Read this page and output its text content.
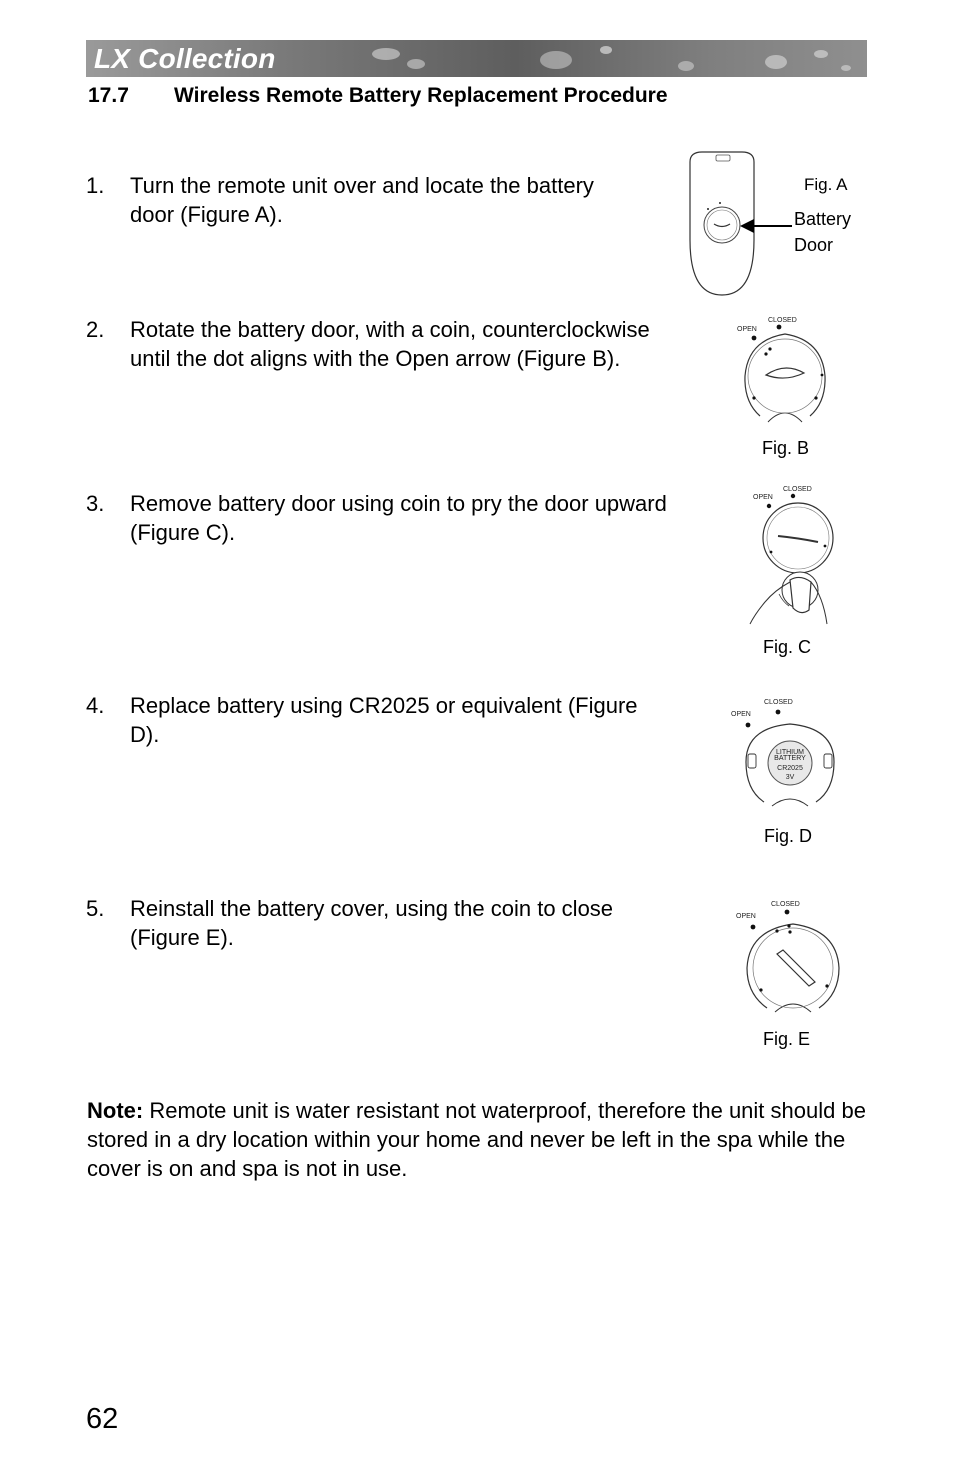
LX Collection
17.7 Wireless Remote Battery Replacement Procedure
1. Turn the remote unit over and locate the battery
door (Figure A).
Fig. A
Battery
Door
2. Rotate the battery door, with a coin, counterclockwise
until the dot aligns with the Open arrow (Figure B).
CLOSED
OPEN
Fig. B
3. Remove battery door using coin to pry the door upward
(Figure C).
CLOSED
OPEN
Fig. C
4. Replace battery using CR2025 or equivalent (Figure
D).
CLOSED
OPEN
LITHIUM
BATTERY
CR2025
3V
Fig. D
5. Reinstall the battery cover, using the coin to close
(Figure E).
CLOSED
OPEN
Fig. E
Note: Remote unit is water resistant not waterproof, therefore the unit should be stored in a dry location within your home and never be left in the spa while the cover is on and spa is not in use.
62
